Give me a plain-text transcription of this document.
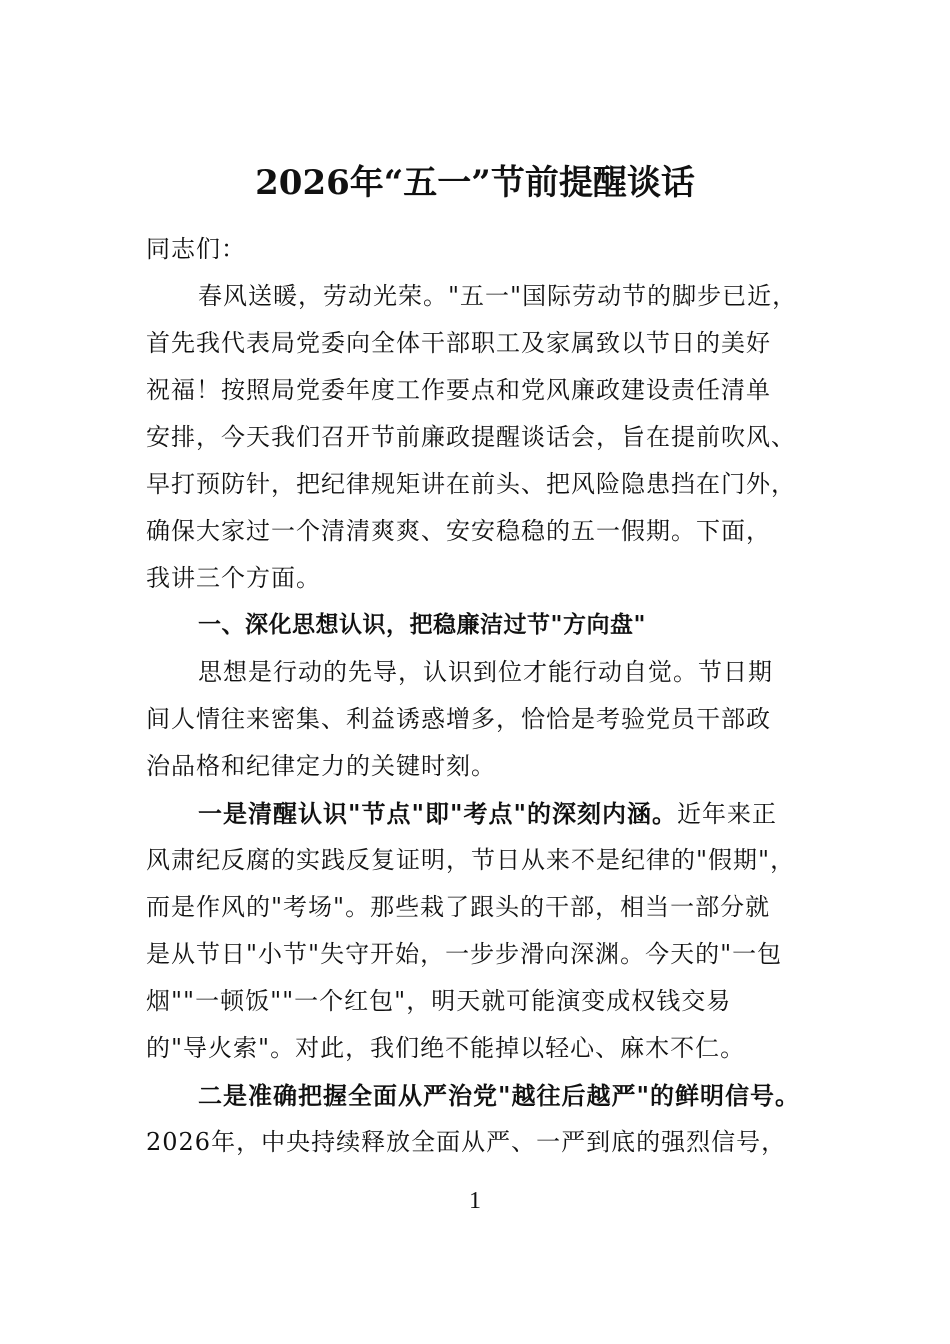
2026年“五一”节前提醒谈话
同志们：
春风送暖，劳动光荣。"五一"国际劳动节的脚步已近，
首先我代表局党委向全体干部职工及家属致以节日的美好
祝福！按照局党委年度工作要点和党风廉政建设责任清单
安排，今天我们召开节前廉政提醒谈话会，旨在提前吹风、
早打预防针，把纪律规矩讲在前头、把风险隐患挡在门外，
确保大家过一个清清爽爽、安安稳稳的五一假期。下面，
我讲三个方面。
一、深化思想认识，把稳廉洁过节"方向盘"
思想是行动的先导，认识到位才能行动自觉。节日期
间人情往来密集、利益诱惑增多，恰恰是考验党员干部政
治品格和纪律定力的关键时刻。
一是清醒认识"节点"即"考点"的深刻内涵。近年来正
风肃纪反腐的实践反复证明，节日从来不是纪律的"假期"，
而是作风的"考场"。那些栽了跟头的干部，相当一部分就
是从节日"小节"失守开始，一步步滑向深渊。今天的"一包
烟""一顿饭""一个红包"，明天就可能演变成权钱交易
的"导火索"。对此，我们绝不能掉以轻心、麻木不仁。
二是准确把握全面从严治党"越往后越严"的鲜明信号。
2026年，中央持续释放全面从严、一严到底的强烈信号，
1
